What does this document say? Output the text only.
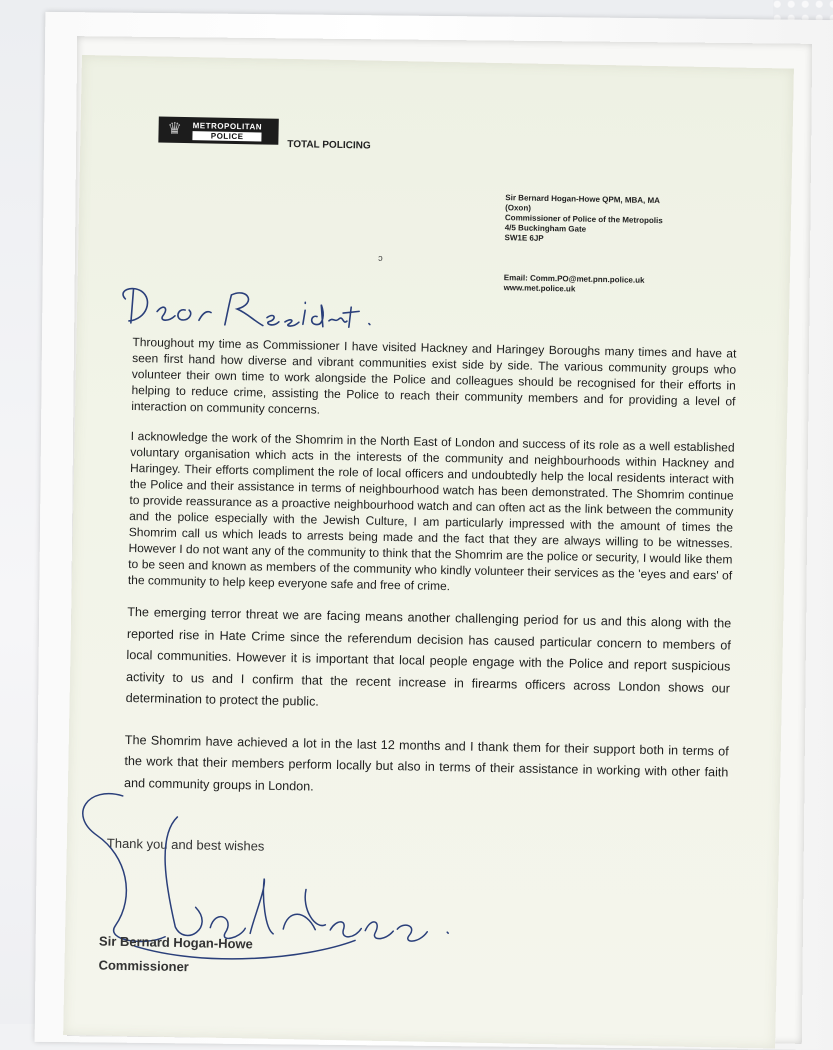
♛	METROPOLITAN
POLICE
TOTAL POLICING
Sir Bernard Hogan-Howe QPM, MBA, MA
(Oxon)
Commissioner of Police of the Metropolis
4/5 Buckingham Gate
SW1E 6JP
Email: Comm.PO@met.pnn.police.uk
www.met.police.uk
ↄ

Throughout my time as Commissioner I have visited Hackney and Haringey Boroughs many times and have at seen first hand how diverse and vibrant communities exist side by side. The various community groups who volunteer their own time to work alongside the Police and colleagues should be recognised for their efforts in helping to reduce crime, assisting the Police to reach their community members and for providing a level of interaction on community concerns.

I acknowledge the work of the Shomrim in the North East of London and success of its role as a well established voluntary organisation which acts in the interests of the community and neighbourhoods within Hackney and Haringey. Their efforts compliment the role of local officers and undoubtedly help the local residents interact with the Police and their assistance in terms of neighbourhood watch has been demonstrated. The Shomrim continue to provide reassurance as a proactive neighbourhood watch and can often act as the link between the community and the police especially with the Jewish Culture, I am particularly impressed with the amount of times the Shomrim call us which leads to arrests being made and the fact that they are always willing to be witnesses. However I do not want any of the community to think that the Shomrim are the police or security, I would like them to be seen and known as members of the community who kindly volunteer their services as the 'eyes and ears' of the community to help keep everyone safe and free of crime.

The emerging terror threat we are facing means another challenging period for us and this along with the reported rise in Hate Crime since the referendum decision has caused particular concern to members of local communities. However it is important that local people engage with the Police and report suspicious activity to us and I confirm that the recent increase in firearms officers across London shows our determination to protect the public.

The Shomrim have achieved a lot in the last 12 months and I thank them for their support both in terms of the work that their members perform locally but also in terms of their assistance in working with other faith and community groups in London.

Thank you and best wishes
Sir Bernard Hogan-Howe
Commissioner
